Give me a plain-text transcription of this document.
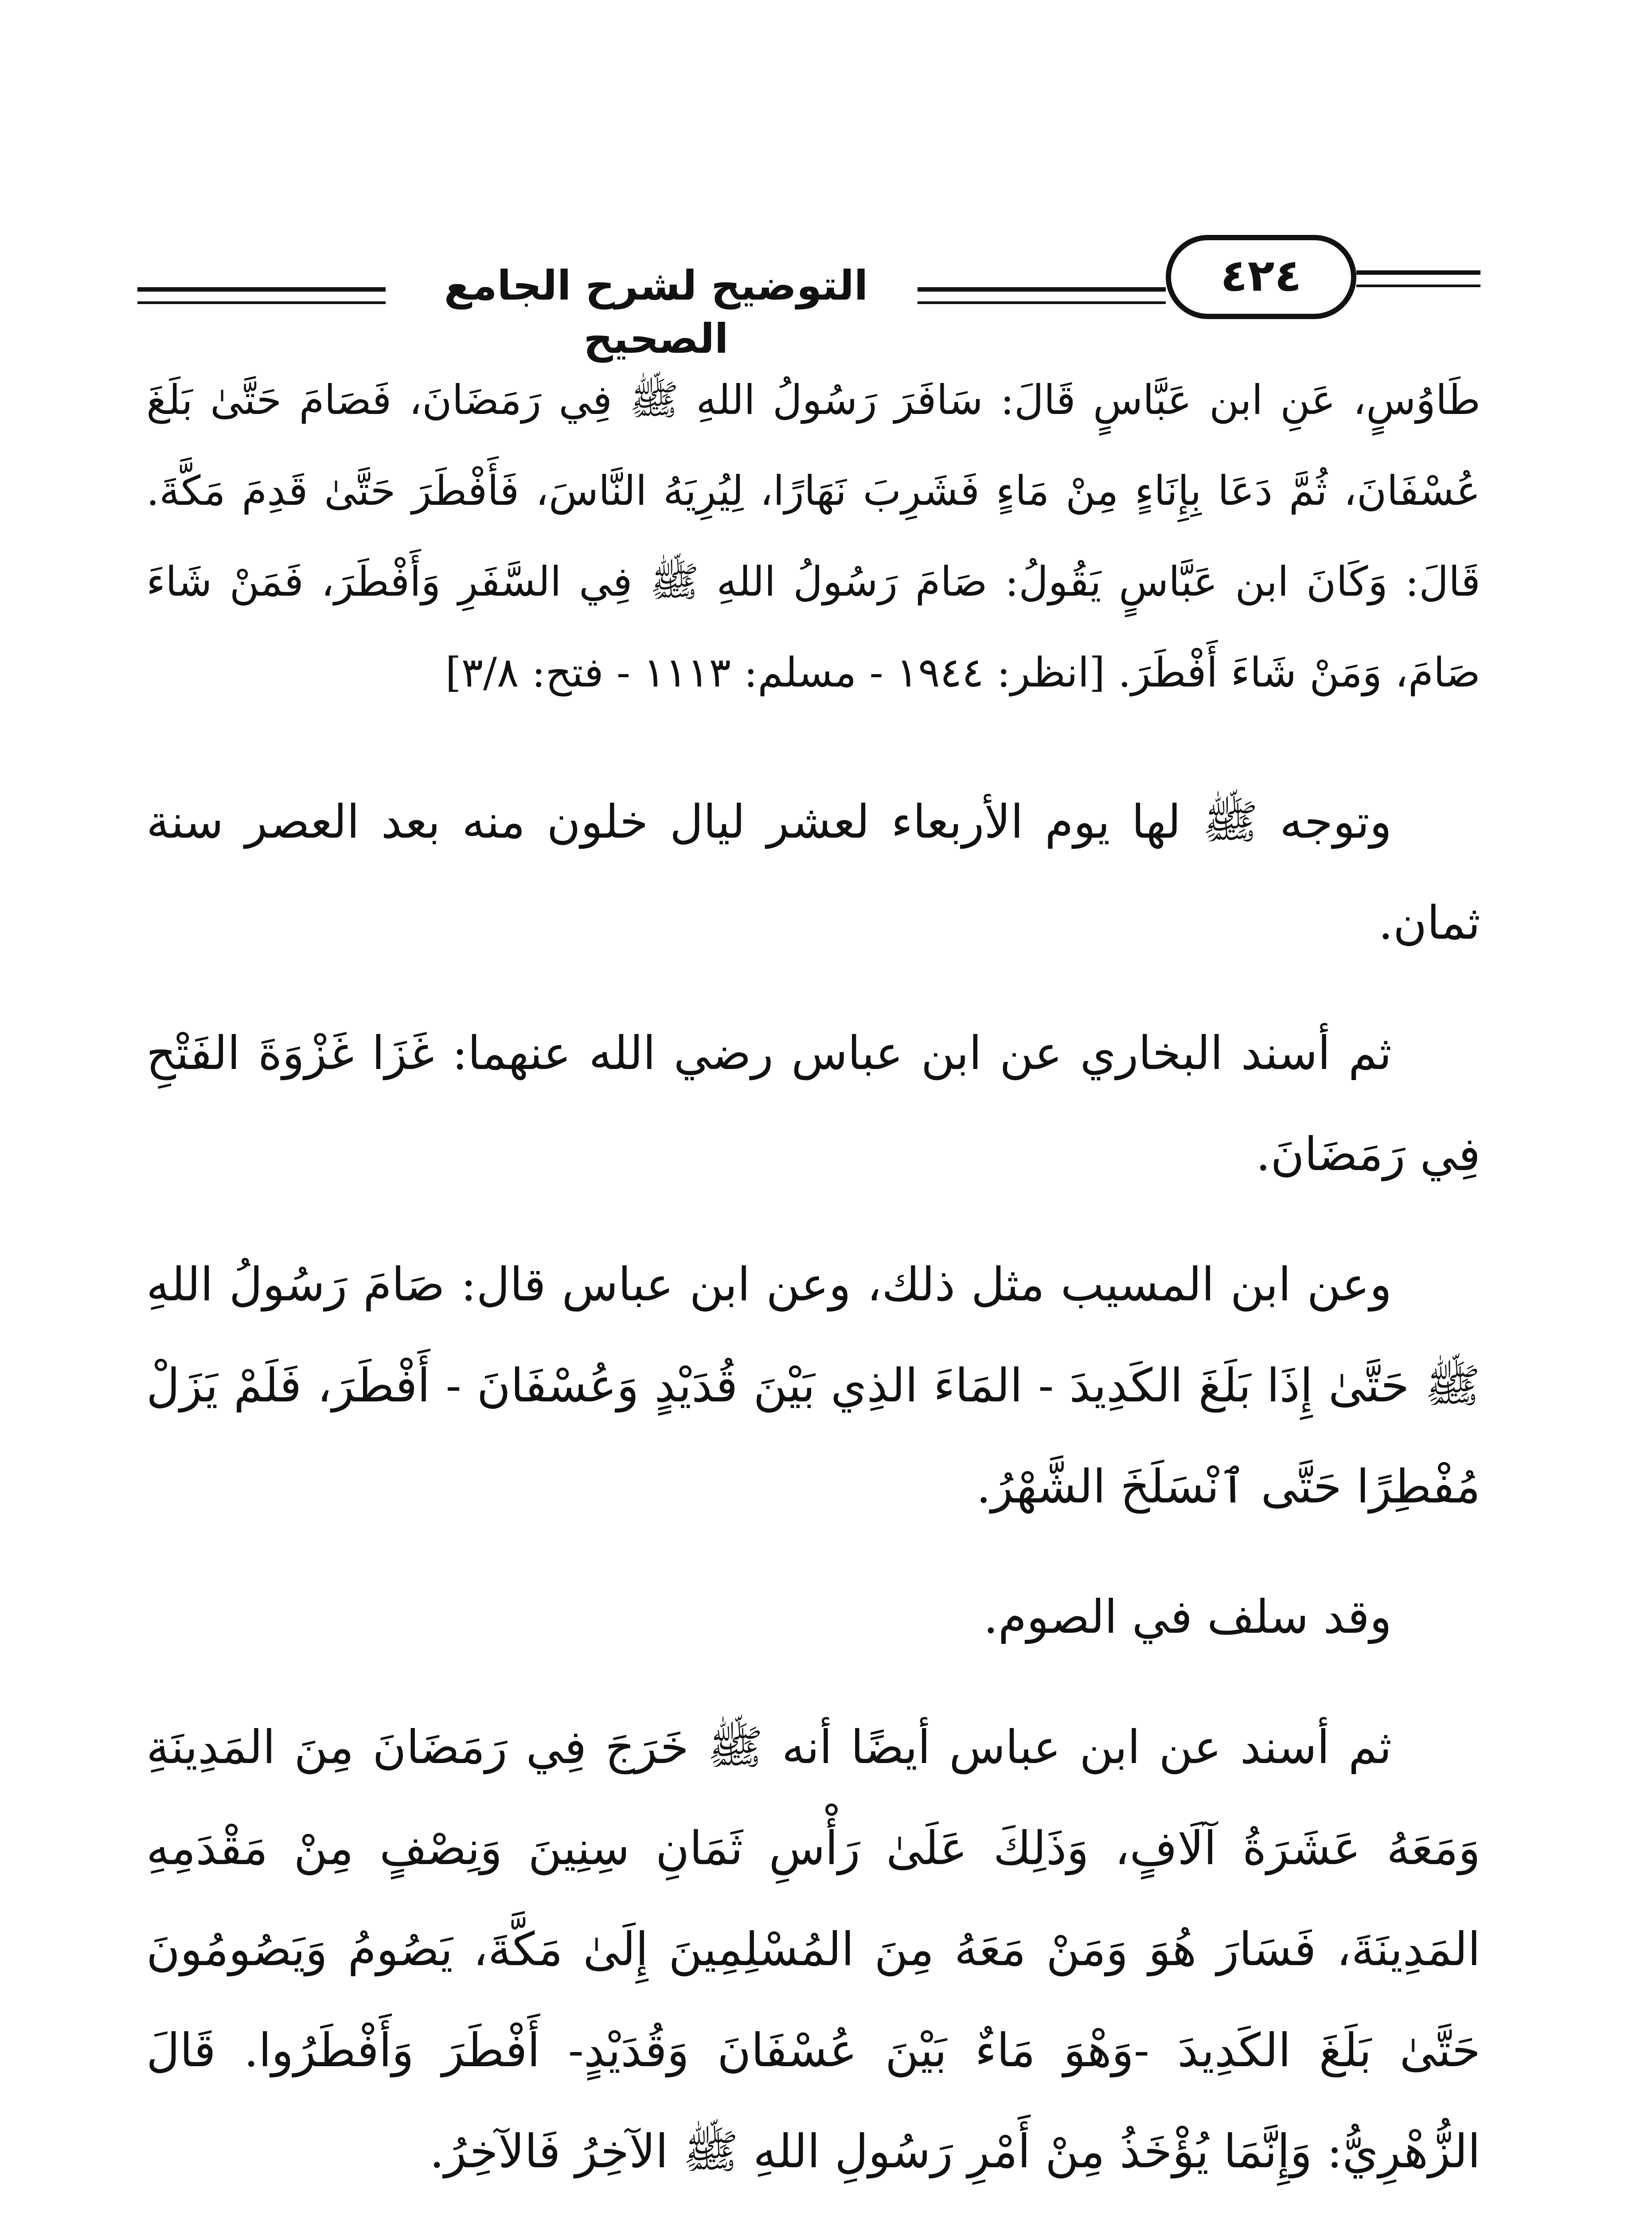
التوضيح لشرح الجامع الصحيح
٤٢٤

طَاوُسٍ، عَنِ ابن عَبَّاسٍ قَالَ: سَافَرَ رَسُولُ اللهِ ﷺ فِي رَمَضَانَ، فَصَامَ حَتَّىٰ بَلَغَ عُسْفَانَ، ثُمَّ دَعَا بِإِنَاءٍ مِنْ مَاءٍ فَشَرِبَ نَهَارًا، لِيُرِيَهُ النَّاسَ، فَأَفْطَرَ حَتَّىٰ قَدِمَ مَكَّةَ. قَالَ: وَكَانَ ابن عَبَّاسٍ يَقُولُ: صَامَ رَسُولُ اللهِ ﷺ فِي السَّفَرِ وَأَفْطَرَ، فَمَنْ شَاءَ صَامَ، وَمَنْ شَاءَ أَفْطَرَ. [انظر: ١٩٤٤ - مسلم: ١١١٣ - فتح: ٣/٨]

وتوجه ﷺ لها يوم الأربعاء لعشر ليال خلون منه بعد العصر سنة ثمان.

ثم أسند البخاري عن ابن عباس رضي الله عنهما: غَزَا غَزْوَةَ الفَتْحِ فِي رَمَضَانَ.

وعن ابن المسيب مثل ذلك، وعن ابن عباس قال: صَامَ رَسُولُ اللهِ ﷺ حَتَّىٰ إِذَا بَلَغَ الكَدِيدَ - المَاءَ الذِي بَيْنَ قُدَيْدٍ وَعُسْفَانَ - أَفْطَرَ، فَلَمْ يَزَلْ مُفْطِرًا حَتَّى ٱنْسَلَخَ الشَّهْرُ.

وقد سلف في الصوم.

ثم أسند عن ابن عباس أيضًا أنه ﷺ خَرَجَ فِي رَمَضَانَ مِنَ المَدِينَةِ وَمَعَهُ عَشَرَةُ آلَافٍ، وَذَلِكَ عَلَىٰ رَأْسِ ثَمَانِ سِنِينَ وَنِصْفٍ مِنْ مَقْدَمِهِ المَدِينَةَ، فَسَارَ هُوَ وَمَنْ مَعَهُ مِنَ المُسْلِمِينَ إِلَىٰ مَكَّةَ، يَصُومُ وَيَصُومُونَ حَتَّىٰ بَلَغَ الكَدِيدَ -وَهْوَ مَاءٌ بَيْنَ عُسْفَانَ وَقُدَيْدٍ- أَفْطَرَ وَأَفْطَرُوا. قَالَ الزُّهْرِيُّ: وَإِنَّمَا يُؤْخَذُ مِنْ أَمْرِ رَسُولِ اللهِ ﷺ الآخِرُ فَالآخِرُ.
